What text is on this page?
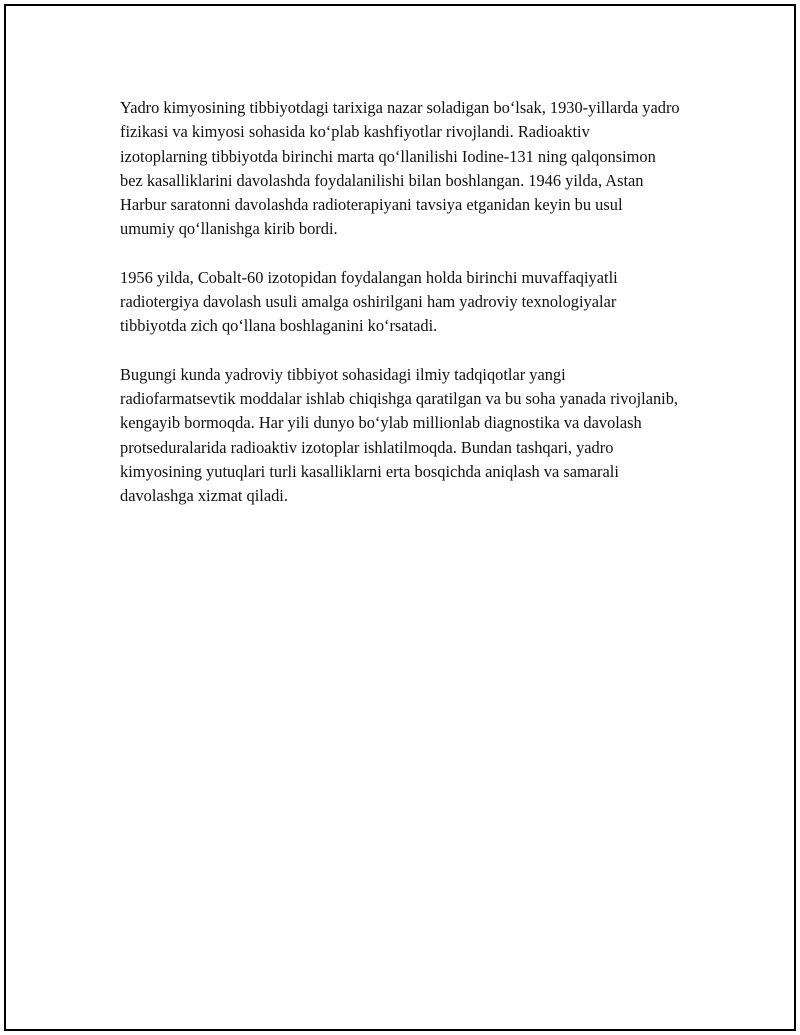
Yadro kimyosining tibbiyotdagi tarixiga nazar soladigan bo‘lsak, 1930-yillarda yadro fizikasi va kimyosi sohasida ko‘plab kashfiyotlar rivojlandi. Radioaktiv izotoplarning tibbiyotda birinchi marta qo‘llanilishi Iodine-131 ning qalqonsimon bez kasalliklarini davolashda foydalanilishi bilan boshlangan. 1946 yilda, Astan Harbur saratonni davolashda radioterapiyani tavsiya etganidan keyin bu usul umumiy qo‘llanishga kirib bordi.

1956 yilda, Cobalt-60 izotopidan foydalangan holda birinchi muvaffaqiyatli radiotergiya davolash usuli amalga oshirilgani ham yadroviy texnologiyalar tibbiyotda zich qo‘llana boshlaganini ko‘rsatadi.

Bugungi kunda yadroviy tibbiyot sohasidagi ilmiy tadqiqotlar yangi radiofarmatsevtik moddalar ishlab chiqishga qaratilgan va bu soha yanada rivojlanib, kengayib bormoqda. Har yili dunyo bo‘ylab millionlab diagnostika va davolash protseduralarida radioaktiv izotoplar ishlatilmoqda. Bundan tashqari, yadro kimyosining yutuqlari turli kasalliklarni erta bosqichda aniqlash va samarali davolashga xizmat qiladi.
